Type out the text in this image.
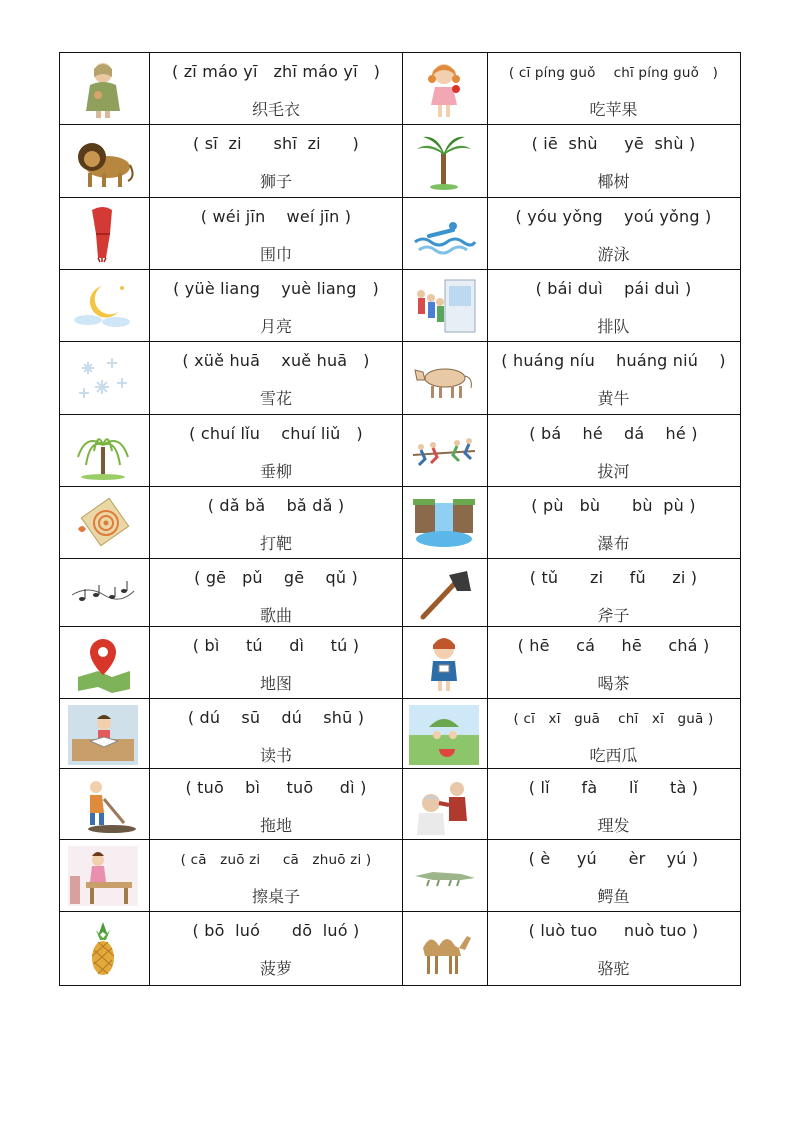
( zī máo yī   zhī máo yī   )
织毛衣
( cī píng guǒ    chī píng guǒ   )
吃苹果
( sī  zi      shī  zi      )
狮子
( iē  shù     yē  shù )
椰树
( wéi jīn    weí jīn )
围巾
( yóu yǒng    yoú yǒng )
游泳
( yüè liang    yuè liang   )
月亮
( bái duì    pái duì )
排队
( xüě huā    xuě huā   )
雪花
( huáng níu    huáng niú    )
黄牛
( chuí lǐu    chuí liǔ   )
垂柳
( bá    hé    dá    hé )
拔河
( dǎ bǎ    bǎ dǎ )
打靶
( pù   bù      bù  pù )
瀑布
( gē   pǔ    gē    qǔ )
歌曲
( tǔ      zi     fǔ     zi )
斧子
( bì     tú     dì     tú )
地图
( hē     cá     hē     chá )
喝茶
( dú    sū    dú    shū )
读书
( cī   xī   guā    chī   xī   guā )
吃西瓜
( tuō    bì     tuō     dì )
拖地
( lǐ      fà      lǐ      tà )
理发
( cā   zuō zi     cā   zhuō zi )
擦桌子
( è     yú      èr    yú )
鳄鱼
( bō  luó      dō  luó )
菠萝
( luò tuo     nuò tuo )
骆驼
